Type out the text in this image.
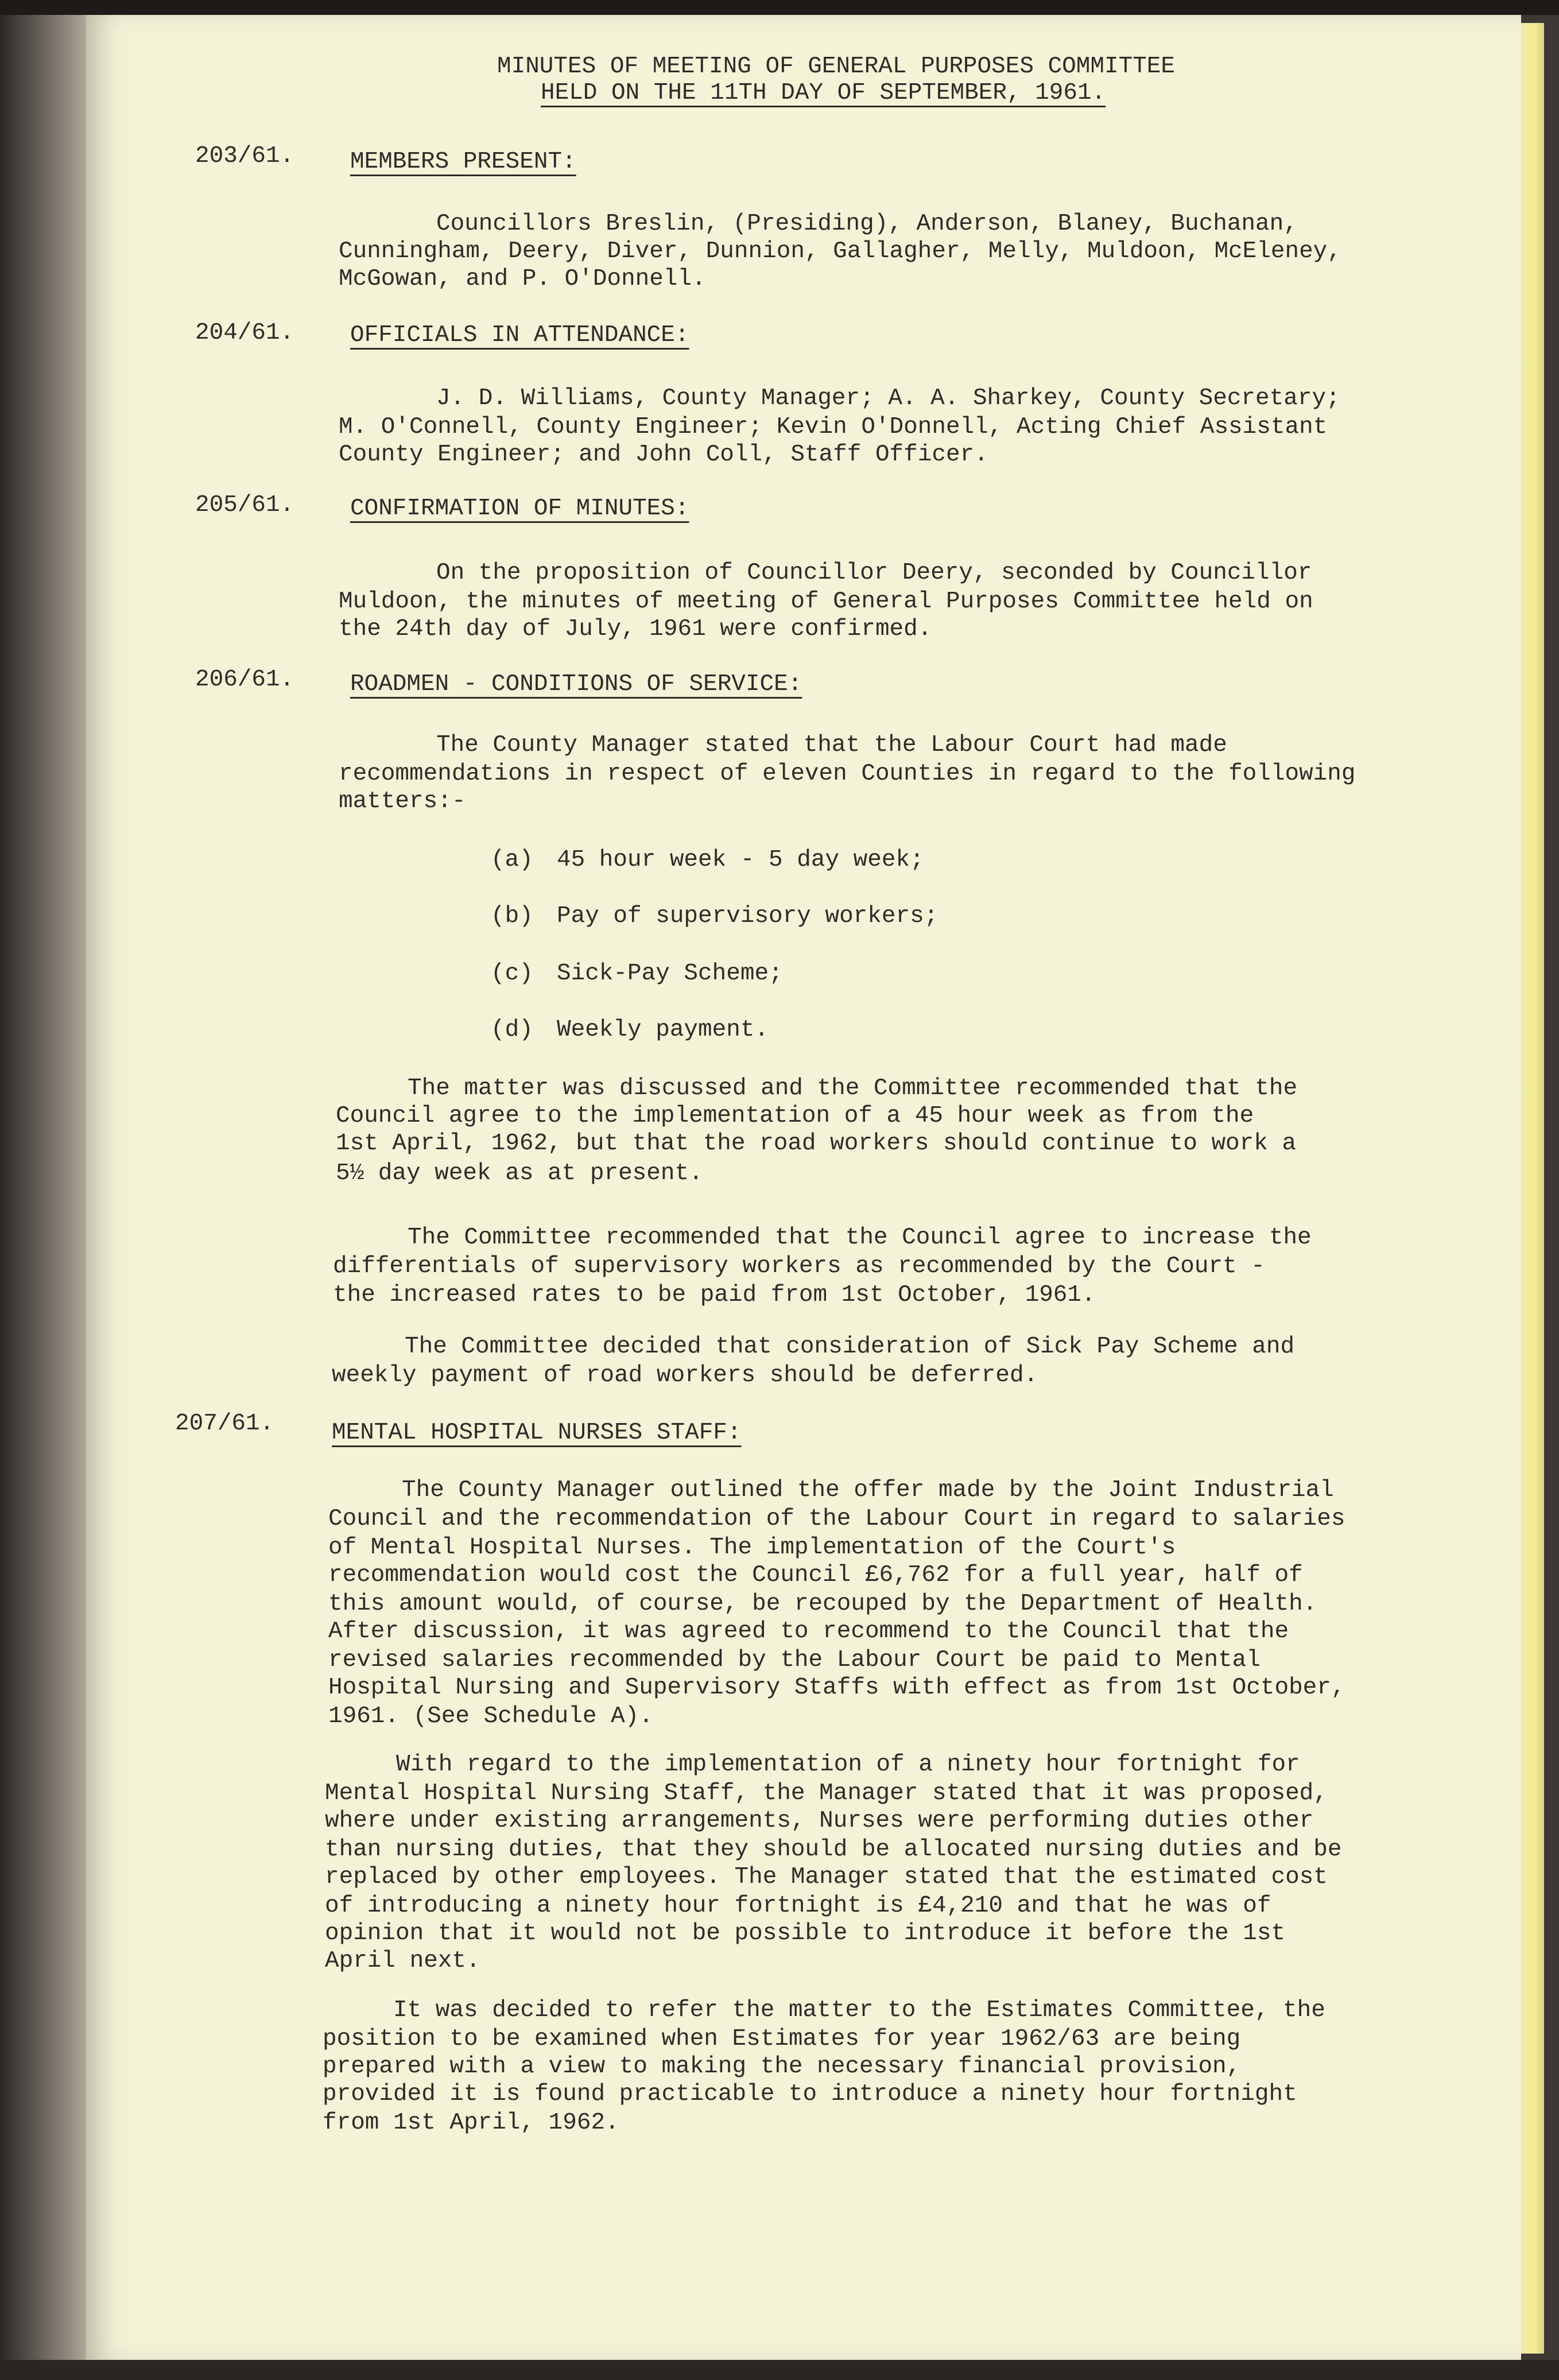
MINUTES OF MEETING OF GENERAL PURPOSES COMMITTEE

HELD ON THE 11TH DAY OF SEPTEMBER, 1961.

203/61. MEMBERS PRESENT:

Councillors Breslin, (Presiding), Anderson, Blaney, Buchanan,

Cunningham, Deery, Diver, Dunnion, Gallagher, Melly, Muldoon, McEleney,

McGowan, and P. O'Donnell.

204/61. OFFICIALS IN ATTENDANCE:

J. D. Williams, County Manager; A. A. Sharkey, County Secretary;

M. O'Connell, County Engineer; Kevin O'Donnell, Acting Chief Assistant

County Engineer; and John Coll, Staff Officer.

205/61. CONFIRMATION OF MINUTES:

On the proposition of Councillor Deery, seconded by Councillor

Muldoon, the minutes of meeting of General Purposes Committee held on

the 24th day of July, 1961 were confirmed.

206/61. ROADMEN - CONDITIONS OF SERVICE:

The County Manager stated that the Labour Court had made

recommendations in respect of eleven Counties in regard to the following

matters:-

(a) 45 hour week - 5 day week;

(b) Pay of supervisory workers;

(c) Sick-Pay Scheme;

(d) Weekly payment.

The matter was discussed and the Committee recommended that the

Council agree to the implementation of a 45 hour week as from the

1st April, 1962, but that the road workers should continue to work a

5½ day week as at present.

The Committee recommended that the Council agree to increase the

differentials of supervisory workers as recommended by the Court -

the increased rates to be paid from 1st October, 1961.

The Committee decided that consideration of Sick Pay Scheme and

weekly payment of road workers should be deferred.

207/61. MENTAL HOSPITAL NURSES STAFF:

The County Manager outlined the offer made by the Joint Industrial

Council and the recommendation of the Labour Court in regard to salaries

of Mental Hospital Nurses. The implementation of the Court's

recommendation would cost the Council £6,762 for a full year, half of

this amount would, of course, be recouped by the Department of Health.

After discussion, it was agreed to recommend to the Council that the

revised salaries recommended by the Labour Court be paid to Mental

Hospital Nursing and Supervisory Staffs with effect as from 1st October,

1961. (See Schedule A).

With regard to the implementation of a ninety hour fortnight for

Mental Hospital Nursing Staff, the Manager stated that it was proposed,

where under existing arrangements, Nurses were performing duties other

than nursing duties, that they should be allocated nursing duties and be

replaced by other employees. The Manager stated that the estimated cost

of introducing a ninety hour fortnight is £4,210 and that he was of

opinion that it would not be possible to introduce it before the 1st

April next.

It was decided to refer the matter to the Estimates Committee, the

position to be examined when Estimates for year 1962/63 are being

prepared with a view to making the necessary financial provision,

provided it is found practicable to introduce a ninety hour fortnight

from 1st April, 1962.
